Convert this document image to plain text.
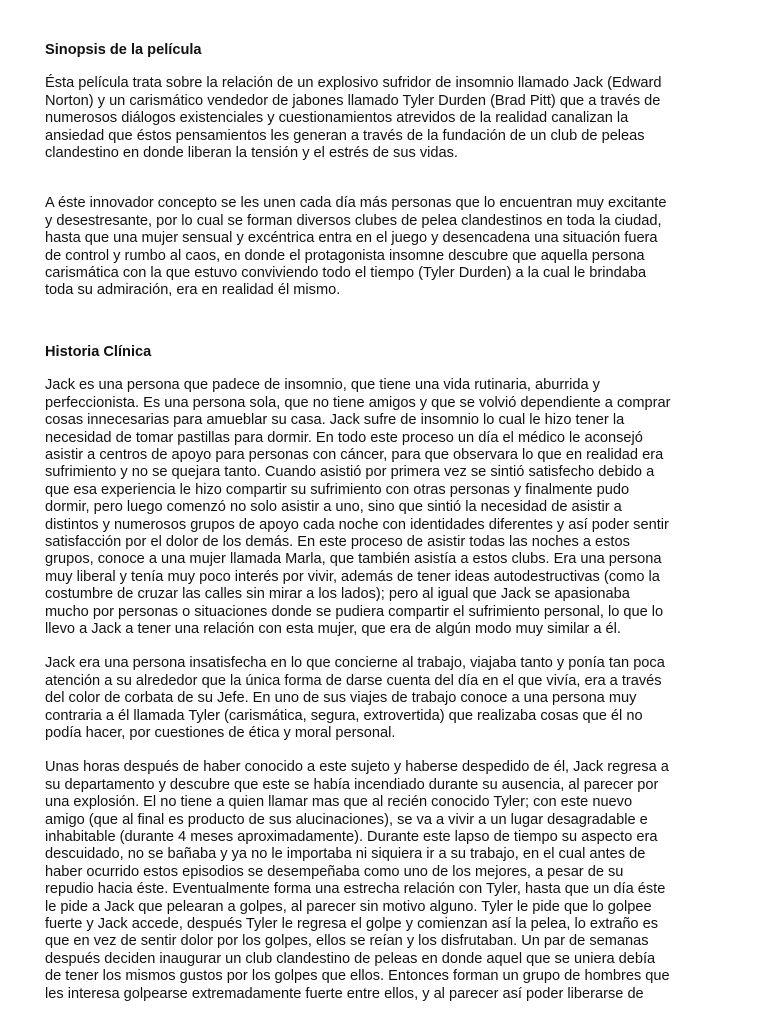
Sinopsis de la película

Ésta película trata sobre la relación de un explosivo sufridor de insomnio llamado Jack (Edward
Norton) y un carismático vendedor de jabones llamado Tyler Durden (Brad Pitt) que a través de
numerosos diálogos existenciales y cuestionamientos atrevidos de la realidad canalizan la
ansiedad que éstos pensamientos les generan a través de la fundación de un club de peleas
clandestino en donde liberan la tensión y el estrés de sus vidas.

A éste innovador concepto se les unen cada día más personas que lo encuentran muy excitante
y desestresante, por lo cual se forman diversos clubes de pelea clandestinos en toda la ciudad,
hasta que una mujer sensual y excéntrica entra en el juego y desencadena una situación fuera
de control y rumbo al caos, en donde el protagonista insomne descubre que aquella persona
carismática con la que estuvo conviviendo todo el tiempo (Tyler Durden) a la cual le brindaba
toda su admiración, era en realidad él mismo.

Historia Clínica

Jack es una persona que padece de insomnio, que tiene una vida rutinaria, aburrida y
perfeccionista. Es una persona sola, que no tiene amigos y que se volvió dependiente a comprar
cosas innecesarias para amueblar su casa. Jack sufre de insomnio lo cual le hizo tener la
necesidad de tomar pastillas para dormir. En todo este proceso un día el médico le aconsejó
asistir a centros de apoyo para personas con cáncer, para que observara lo que en realidad era
sufrimiento y no se quejara tanto. Cuando asistió por primera vez se sintió satisfecho debido a
que esa experiencia le hizo compartir su sufrimiento con otras personas y finalmente pudo
dormir, pero luego comenzó no solo asistir a uno, sino que sintió la necesidad de asistir a
distintos y numerosos grupos de apoyo cada noche con identidades diferentes y así poder sentir
satisfacción por el dolor de los demás. En este proceso de asistir todas las noches a estos
grupos, conoce a una mujer llamada Marla, que también asistía a estos clubs. Era una persona
muy liberal y tenía muy poco interés por vivir, además de tener ideas autodestructivas (como la
costumbre de cruzar las calles sin mirar a los lados); pero al igual que Jack se apasionaba
mucho por personas o situaciones donde se pudiera compartir el sufrimiento personal, lo que lo
llevo a Jack a tener una relación con esta mujer, que era de algún modo muy similar a él.

Jack era una persona insatisfecha en lo que concierne al trabajo, viajaba tanto y ponía tan poca
atención a su alrededor que la única forma de darse cuenta del día en el que vivía, era a través
del color de corbata de su Jefe. En uno de sus viajes de trabajo conoce a una persona muy
contraria a él llamada Tyler (carismática, segura, extrovertida) que realizaba cosas que él no
podía hacer, por cuestiones de ética y moral personal.

Unas horas después de haber conocido a este sujeto y haberse despedido de él, Jack regresa a
su departamento y descubre que este se había incendiado durante su ausencia, al parecer por
una explosión. El no tiene a quien llamar mas que al recién conocido Tyler; con este nuevo
amigo (que al final es producto de sus alucinaciones), se va a vivir a un lugar desagradable e
inhabitable (durante 4 meses aproximadamente). Durante este lapso de tiempo su aspecto era
descuidado, no se bañaba y ya no le importaba ni siquiera ir a su trabajo, en el cual antes de
haber ocurrido estos episodios se desempeñaba como uno de los mejores, a pesar de su
repudio hacia éste. Eventualmente forma una estrecha relación con Tyler, hasta que un día éste
le pide a Jack que pelearan a golpes, al parecer sin motivo alguno. Tyler le pide que lo golpee
fuerte y Jack accede, después Tyler le regresa el golpe y comienzan así la pelea, lo extraño es
que en vez de sentir dolor por los golpes, ellos se reían y los disfrutaban. Un par de semanas
después deciden inaugurar un club clandestino de peleas en donde aquel que se uniera debía
de tener los mismos gustos por los golpes que ellos. Entonces forman un grupo de hombres que
les interesa golpearse extremadamente fuerte entre ellos, y al parecer así poder liberarse de
